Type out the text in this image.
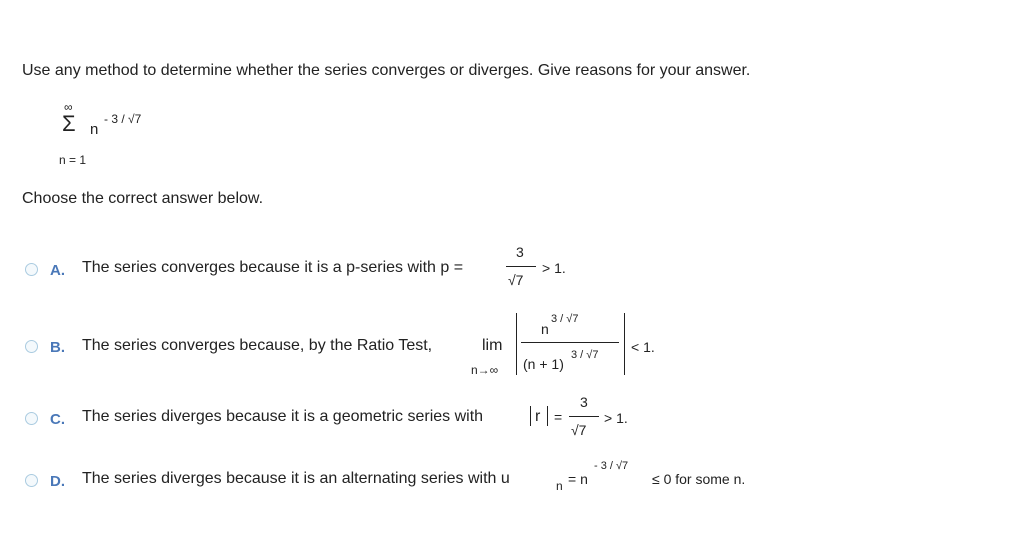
Use any method to determine whether the series converges or diverges. Give reasons for your answer.
∞
Σ n
- 3 / √7
n = 1
Choose the correct answer below.
A. The series converges because it is a p-series with p =
3
√7
> 1.
B. The series converges because, by the Ratio Test,	lim
n→∞
n
3 / √7
(n + 1)
3 / √7 < 1.
C. The series diverges because it is a geometric series with	r =
3
√7
> 1.
D. The series diverges because it is an alternating series with u	n = n
- 3 / √7
≤ 0 for some n.
